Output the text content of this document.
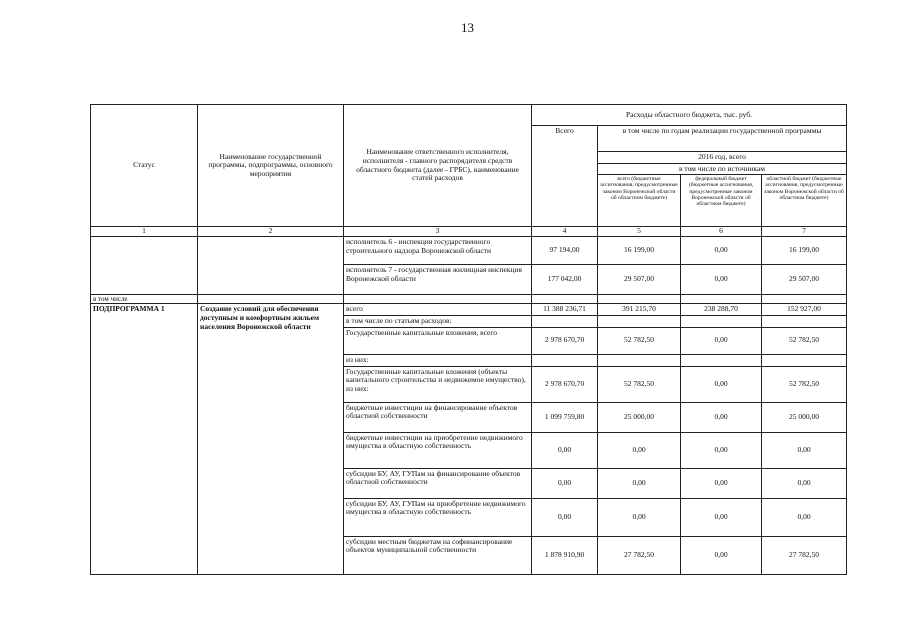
13
Статус	Наименование государственной программы, подпрограммы, основного мероприятия	Наименование ответственного исполнителя, исполнителя - главного распорядителя средств областного бюджета (далее - ГРБС), наименование статей расходов	Расходы областного бюджета, тыс. руб.			
			Всего	в том числе по годам реализации государственной программы		
				2016 год, всего		
				в том числе по источникам		
				всего (бюджетные ассигнования, предусмотренные законом Воронежской области об областном бюджете)	федеральный бюджет (бюджетные ассигнования, предусмотренные законом Воронежской области об областном бюджете)	областной бюджет (бюджетные ассигнования, предусмотренные законом Воронежской области об областном бюджете)
1	2	3	4	5	6	7
		исполнитель 6 - инспекция государственного строительного надзора Воронежской области	97 194,00	16 199,00	0,00	16 199,00
		исполнитель 7 - государственная жилищная инспекция Воронежской области	177 042,00	29 507,00	0,00	29 507,00
в том числе						
ПОДПРОГРАММА 1	Создание условий для обеспечения доступным и комфортным жильем населения Воронежской области	всего	11 388 236,71	391 215,70	238 288,70	152 927,00
		в том числе по статьям расходов:				
		Государственные капитальные вложения, всего	2 978 670,70	52 782,50	0,00	52 782,50
		из них:				
		Государственные капитальные вложения (объекты капитального строительства и недвижимое имущество), из них:	2 978 670,70	52 782,50	0,00	52 782,50
		бюджетные инвестиции на финансирование объектов областной собственности	1 099 759,80	25 000,00	0,00	25 000,00
		бюджетные инвестиции на приобретение недвижимого имущества в областную собственность	0,00	0,00	0,00	0,00
		субсидии БУ, АУ, ГУПам на финансирование объектов областной собственности	0,00	0,00	0,00	0,00
		субсидии БУ, АУ, ГУПам на приобретение недвижимого имущества в областную собственность	0,00	0,00	0,00	0,00
		субсидии местным бюджетам на софинансирование объектов муниципальной собственности	1 878 910,90	27 782,50	0,00	27 782,50
